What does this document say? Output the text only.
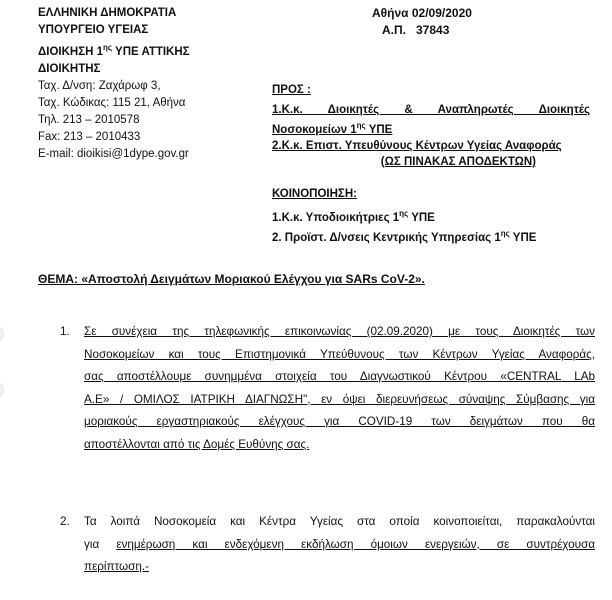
ΕΛΛΗΝΙΚΗ ΔΗΜΟΚΡΑΤΙΑ
ΥΠΟΥΡΓΕΙΟ ΥΓΕΙΑΣ
ΔΙΟΙΚΗΣΗ $1^{\eta\varsigma}$ ΥΠΕ ΑΤΤΙΚΗΣ
ΔΙΟΙΚΗΤΗΣ
Ταχ. Δ/νση: Ζαχάρωφ 3,
Ταχ. Κώδικας: 115 21, Αθήνα
Τηλ. 213 – 2010578
Fax: 213 – 2010433
E-mail: dioikisi@1dype.gov.gr
Αθήνα 02/09/2020
Α.Π.   37843
ΠΡΟΣ :
1.Κ.κ.  Διοικητές  &  Αναπληρωτές  Διοικητές
Νοσοκομείων $1^{\eta\varsigma}$ ΥΠΕ
2.Κ.κ. Επιστ. Υπευθύνους Κέντρων Υγείας Αναφοράς
(ΩΣ ΠΙΝΑΚΑΣ ΑΠΟΔΕΚΤΩΝ)
ΚΟΙΝΟΠΟΙΗΣΗ:
1.Κ.κ. Υποδιοικήτριες $1^{\eta\varsigma}$ ΥΠΕ
2. Προϊστ. Δ/νσεις Κεντρικής Υπηρεσίας $1^{\eta\varsigma}$ ΥΠΕ
ΘΕΜΑ: «Αποστολή Δειγμάτων Μοριακού Ελέγχου για SARs CoV-2».
1. Σε συνέχεια της τηλεφωνικής επικοινωνίας (02.09.2020) με τους Διοικητές των
Νοσοκομείων και τους Επιστημονικά Υπεύθυνους των Κέντρων Υγείας Αναφοράς,
σας αποστέλλουμε συνημμένα στοιχεία του Διαγνωστικού Κέντρου «CENTRAL LAb
Α.Ε» / ΟΜΙΛΟΣ ΙΑΤΡΙΚΗ ΔΙΑΓΝΩΣΗ", εν όψει διερευνήσεως σύναψης Σύμβασης για
μοριακούς εργαστηριακούς ελέγχους για COVID-19 των δειγμάτων που θα
αποστέλλονται από τις Δομές Ευθύνης σας.
2. Τα λοιπά Νοσοκομεία και Κέντρα Υγείας στα οποία κοινοποιείται, παρακαλούνται
για ενημέρωση και ενδεχόμενη εκδήλωση όμοιων ενεργειών, σε συντρέχουσα
περίπτωση.-
